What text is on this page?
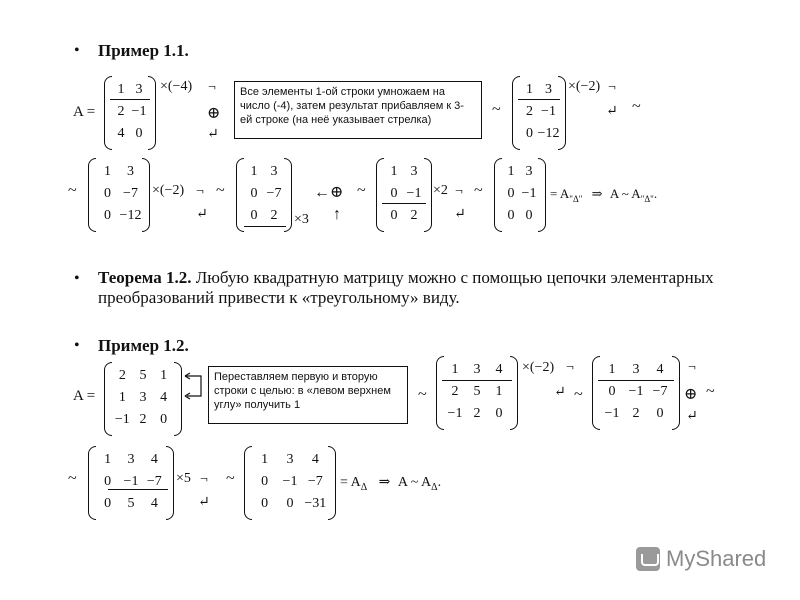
•
•
•
Пример 1.1.
A =
1 3
2 −1
4 0
×(−4) ¬
⊕
↵
Все элементы 1-ой строки умножаем на число (-4), затем результат прибавляем к 3-ей строке (на неё указывает стрелка)
~
1 3
2 −1
0 −12
×(−2) ¬
↵ ~
~
1	3
0 −7
0 −12
×(−2) ¬
↵
~
1 3
0 −7
0 2	×3
←⊕
↑
~
1 3
0 −1
0 2
×2 ¬
↵
~
1 3
0 −1
0 0
= $A_{"\Delta"}$ ⇒ A ~ $A_{"\Delta"}$.
Теорема 1.2. Любую квадратную матрицу можно с помощью цепочки элементарных преобразований привести к «треугольному» виду.
Пример 1.2.
A =
2 5 1
1 3 4
−1 2 0
Переставляем первую и вторую строки с целью: в «левом верхнем углу» получить 1
~
1	3	4
2	5	1
−1 2	0
×(−2) ¬
↵ ~
1	3	4
0 −1 −7
−1 2	0
¬
⊕
↵
~
~
1	3	4
0 −1 −7
0	5	4
×5 ¬
↵
~
1	3	4
0	−1 −7
0	0 −31
= $A_\Delta$ ⇒ A ~ $A_\Delta$.
MyShared
